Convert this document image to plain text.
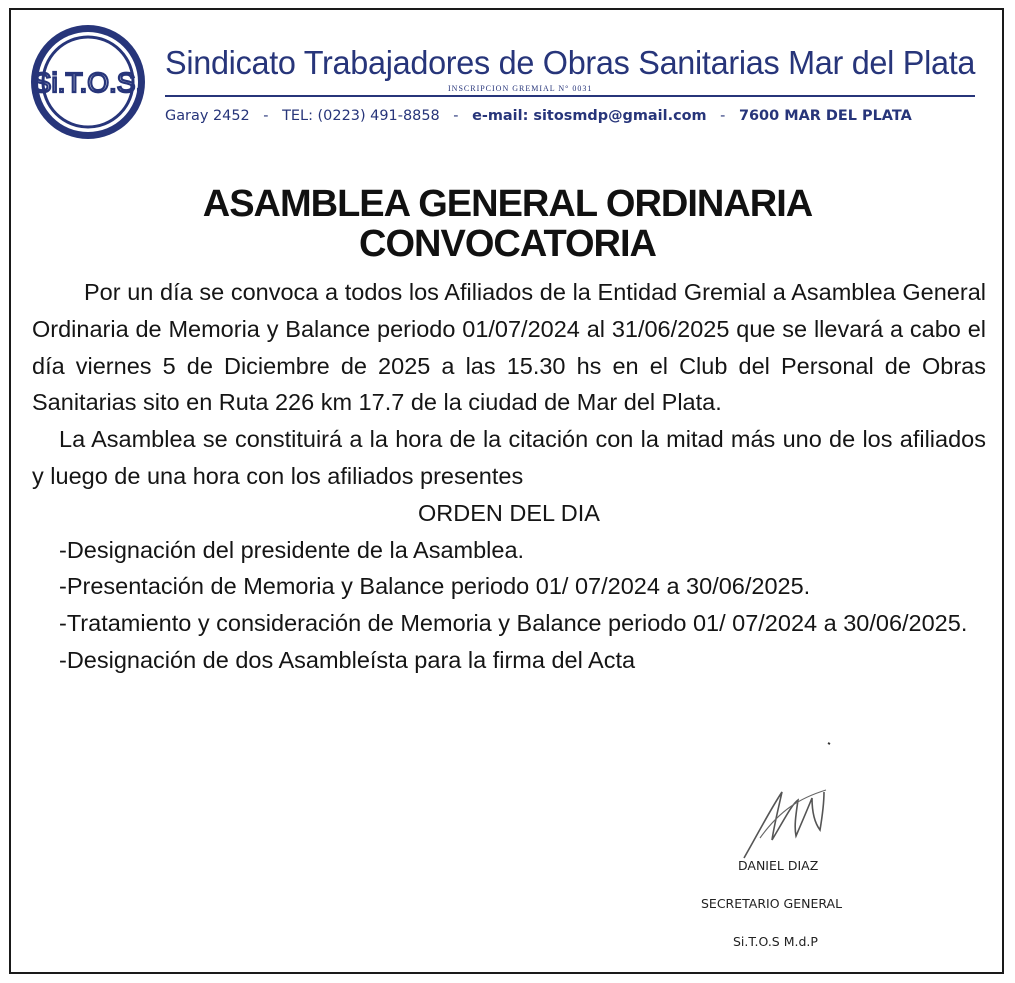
Si.T.O.S.
Sindicato Trabajadores de Obras Sanitarias Mar del Plata
INSCRIPCION GREMIAL N° 0031
Garay 2452 - TEL: (0223) 491-8858 - e-mail: sitosmdp@gmail.com - 7600 MAR DEL PLATA
ASAMBLEA GENERAL ORDINARIA
CONVOCATORIA

Por un día se convoca a todos los Afiliados de la Entidad Gremial a Asamblea General Ordinaria de Memoria y Balance periodo 01/07/2024 al 31/06/2025 que se llevará a cabo el día viernes 5 de Diciembre de 2025 a las 15.30 hs en el Club del Personal de Obras Sanitarias sito en Ruta 226 km 17.7 de la ciudad de Mar del Plata.

La Asamblea se constituirá a la hora de la citación con la mitad más uno de los afiliados y luego de una hora con los afiliados presentes

ORDEN DEL DIA

-Designación del presidente de la Asamblea.

-Presentación de Memoria y Balance periodo 01/ 07/2024 a 30/06/2025.

-Tratamiento y consideración de Memoria y Balance periodo 01/ 07/2024 a 30/06/2025.

-Designación de dos Asambleísta para la firma del Acta

DANIEL DIAZ
SECRETARIO GENERAL
Si.T.O.S M.d.P
